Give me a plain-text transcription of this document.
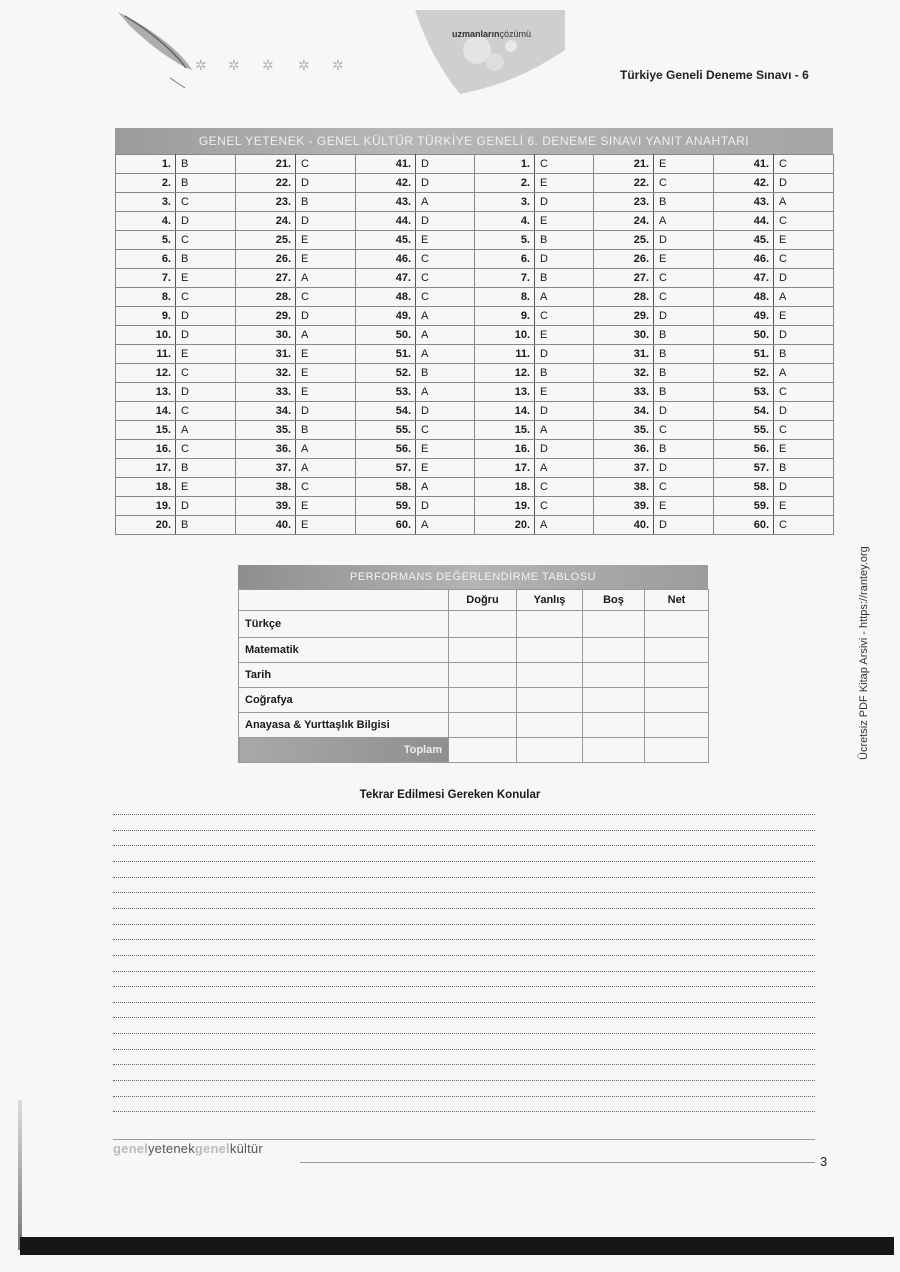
✲ ✲ ✲ ✲ ✲
uzmanlarınçözümü
Türkiye Geneli Deneme Sınavı - 6
GENEL YETENEK - GENEL KÜLTÜR TÜRKİYE GENELİ 6. DENEME SINAVI YANIT ANAHTARI
1.	B	21.	C	41.	D	1.	C	21.	E	41.	C
2.	B	22.	D	42.	D	2.	E	22.	C	42.	D
3.	C	23.	B	43.	A	3.	D	23.	B	43.	A
4.	D	24.	D	44.	D	4.	E	24.	A	44.	C
5.	C	25.	E	45.	E	5.	B	25.	D	45.	E
6.	B	26.	E	46.	C	6.	D	26.	E	46.	C
7.	E	27.	A	47.	C	7.	B	27.	C	47.	D
8.	C	28.	C	48.	C	8.	A	28.	C	48.	A
9.	D	29.	D	49.	A	9.	C	29.	D	49.	E
10.	D	30.	A	50.	A	10.	E	30.	B	50.	D
11.	E	31.	E	51.	A	11.	D	31.	B	51.	B
12.	C	32.	E	52.	B	12.	B	32.	B	52.	A
13.	D	33.	E	53.	A	13.	E	33.	B	53.	C
14.	C	34.	D	54.	D	14.	D	34.	D	54.	D
15.	A	35.	B	55.	C	15.	A	35.	C	55.	C
16.	C	36.	A	56.	E	16.	D	36.	B	56.	E
17.	B	37.	A	57.	E	17.	A	37.	D	57.	B
18.	E	38.	C	58.	A	18.	C	38.	C	58.	D
19.	D	39.	E	59.	D	19.	C	39.	E	59.	E
20.	B	40.	E	60.	A	20.	A	40.	D	60.	C
PERFORMANS DEĞERLENDİRME TABLOSU
	Doğru	Yanlış	Boş	Net
Türkçe				
Matematik				
Tarih				
Coğrafya				
Anayasa & Yurttaşlık Bilgisi				
Toplam				
Tekrar Edilmesi Gereken Konular
genelyetenekgenelkültür
3
Ücretsiz PDF Kitap Arsivi - https://rantey.org
